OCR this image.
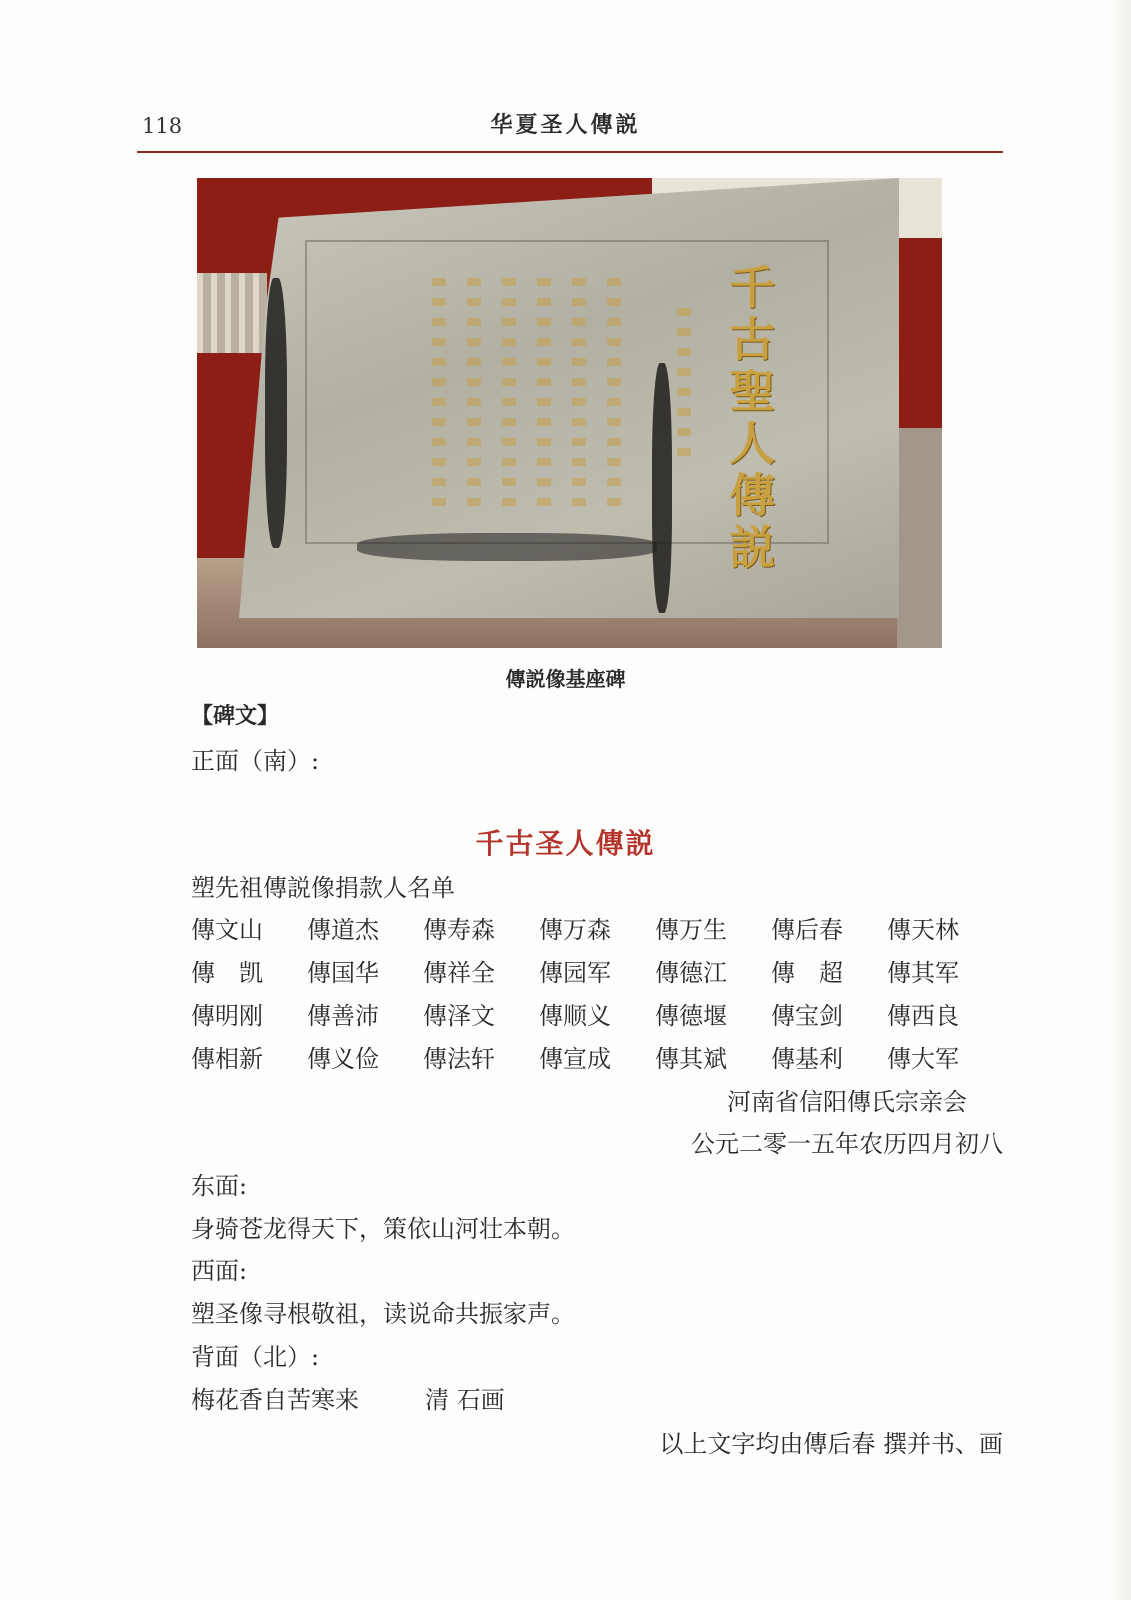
118	华夏圣人傳説
千古聖人傳説
傳説像基座碑
【碑文】
正面（南）:
千古圣人傳説
塑先祖傳説像捐款人名单
傳文山 傳道杰 傳寿森 傳万森 傳万生 傳后春 傳天林
傳　凯 傳国华 傳祥全 傳园军 傳德江 傳　超 傳其军
傳明刚 傳善沛 傳泽文 傳顺义 傳德堰 傳宝剑 傳西良
傳相新 傳义俭 傳法轩 傳宣成 傳其斌 傳基利 傳大军
河南省信阳傳氏宗亲会
公元二零一五年农历四月初八
东面:
身骑苍龙得天下，策依山河壮本朝。
西面:
塑圣像寻根敬祖，读说命共振家声。
背面（北）:
梅花香自苦寒来	清 石画
以上文字均由傳后春 撰并书、画
